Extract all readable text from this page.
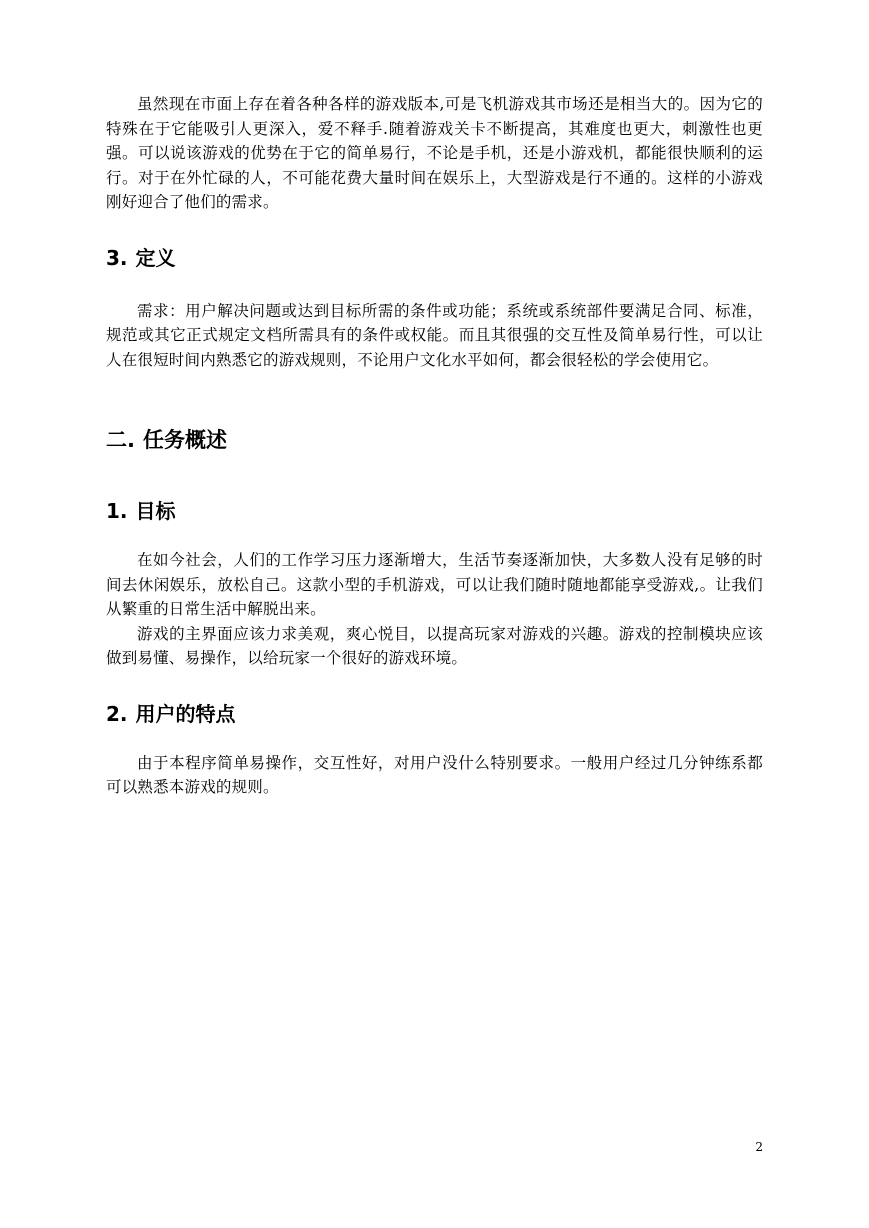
虽然现在市面上存在着各种各样的游戏版本,可是飞机游戏其市场还是相当大的。因为它的特殊在于它能吸引人更深入，爱不释手.随着游戏关卡不断提高，其难度也更大，刺激性也更强。可以说该游戏的优势在于它的简单易行，不论是手机，还是小游戏机，都能很快顺利的运行。对于在外忙碌的人，不可能花费大量时间在娱乐上，大型游戏是行不通的。这样的小游戏刚好迎合了他们的需求。

3. 定义

需求：用户解决问题或达到目标所需的条件或功能；系统或系统部件要满足合同、标准，规范或其它正式规定文档所需具有的条件或权能。而且其很强的交互性及简单易行性，可以让人在很短时间内熟悉它的游戏规则，不论用户文化水平如何，都会很轻松的学会使用它。

二. 任务概述
1. 目标

在如今社会，人们的工作学习压力逐渐增大，生活节奏逐渐加快，大多数人没有足够的时间去休闲娱乐，放松自己。这款小型的手机游戏，可以让我们随时随地都能享受游戏,。让我们从繁重的日常生活中解脱出来。

游戏的主界面应该力求美观，爽心悦目，以提高玩家对游戏的兴趣。游戏的控制模块应该做到易懂、易操作，以给玩家一个很好的游戏环境。

2. 用户的特点

由于本程序简单易操作，交互性好，对用户没什么特别要求。一般用户经过几分钟练系都可以熟悉本游戏的规则。

2
